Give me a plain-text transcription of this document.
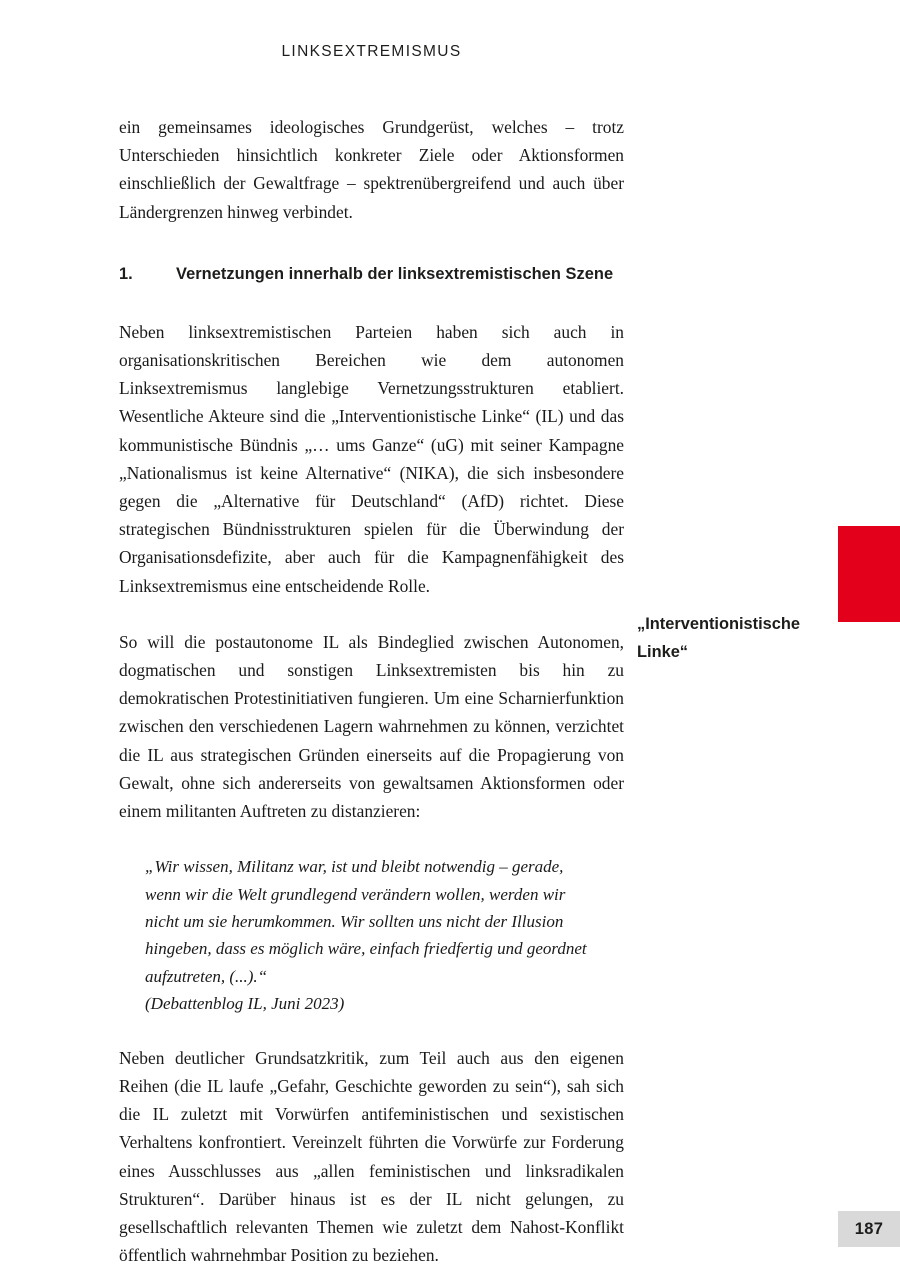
LINKSEXTREMISMUS

ein gemeinsames ideologisches Grundgerüst, welches – trotz Unterschieden hinsichtlich konkreter Ziele oder Aktionsformen einschließlich der Gewaltfrage – spektrenübergreifend und auch über Ländergrenzen hinweg verbindet.

1.	Vernetzungen innerhalb der linksextremistischen Szene

Neben linksextremistischen Parteien haben sich auch in organisationskritischen Bereichen wie dem autonomen Linksextremismus langlebige Vernetzungsstrukturen etabliert. Wesentliche Akteure sind die „Interventionistische Linke“ (IL) und das kommunistische Bündnis „… ums Ganze“ (uG) mit seiner Kampagne „Nationalismus ist keine Alternative“ (NIKA), die sich insbesondere gegen die „Alternative für Deutschland“ (AfD) richtet. Diese strategischen Bündnisstrukturen spielen für die Überwindung der Organisationsdefizite, aber auch für die Kampagnenfähigkeit des Linksextremismus eine entscheidende Rolle.

So will die postautonome IL als Bindeglied zwischen Autonomen, dogmatischen und sonstigen Linksextremisten bis hin zu demokratischen Protestinitiativen fungieren. Um eine Scharnierfunktion zwischen den verschiedenen Lagern wahrnehmen zu können, verzichtet die IL aus strategischen Gründen einerseits auf die Propagierung von Gewalt, ohne sich andererseits von gewaltsamen Aktionsformen oder einem militanten Auftreten zu distanzieren:

„Wir wissen, Militanz war, ist und bleibt notwendig – gerade, wenn wir die Welt grundlegend verändern wollen, werden wir nicht um sie herumkommen. Wir sollten uns nicht der Illusion hingeben, dass es möglich wäre, einfach friedfertig und geordnet aufzutreten, (...).“
(Debattenblog IL, Juni 2023)

Neben deutlicher Grundsatzkritik, zum Teil auch aus den eigenen Reihen (die IL laufe „Gefahr, Geschichte geworden zu sein“), sah sich die IL zuletzt mit Vorwürfen antifeministischen und sexistischen Verhaltens konfrontiert. Vereinzelt führten die Vorwürfe zur Forderung eines Ausschlusses aus „allen feministischen und linksradikalen Strukturen“. Darüber hinaus ist es der IL nicht gelungen, zu gesellschaftlich relevanten Themen wie zuletzt dem Nahost-Konflikt öffentlich wahrnehmbar Position zu beziehen.

„Interventionistische Linke“
187
